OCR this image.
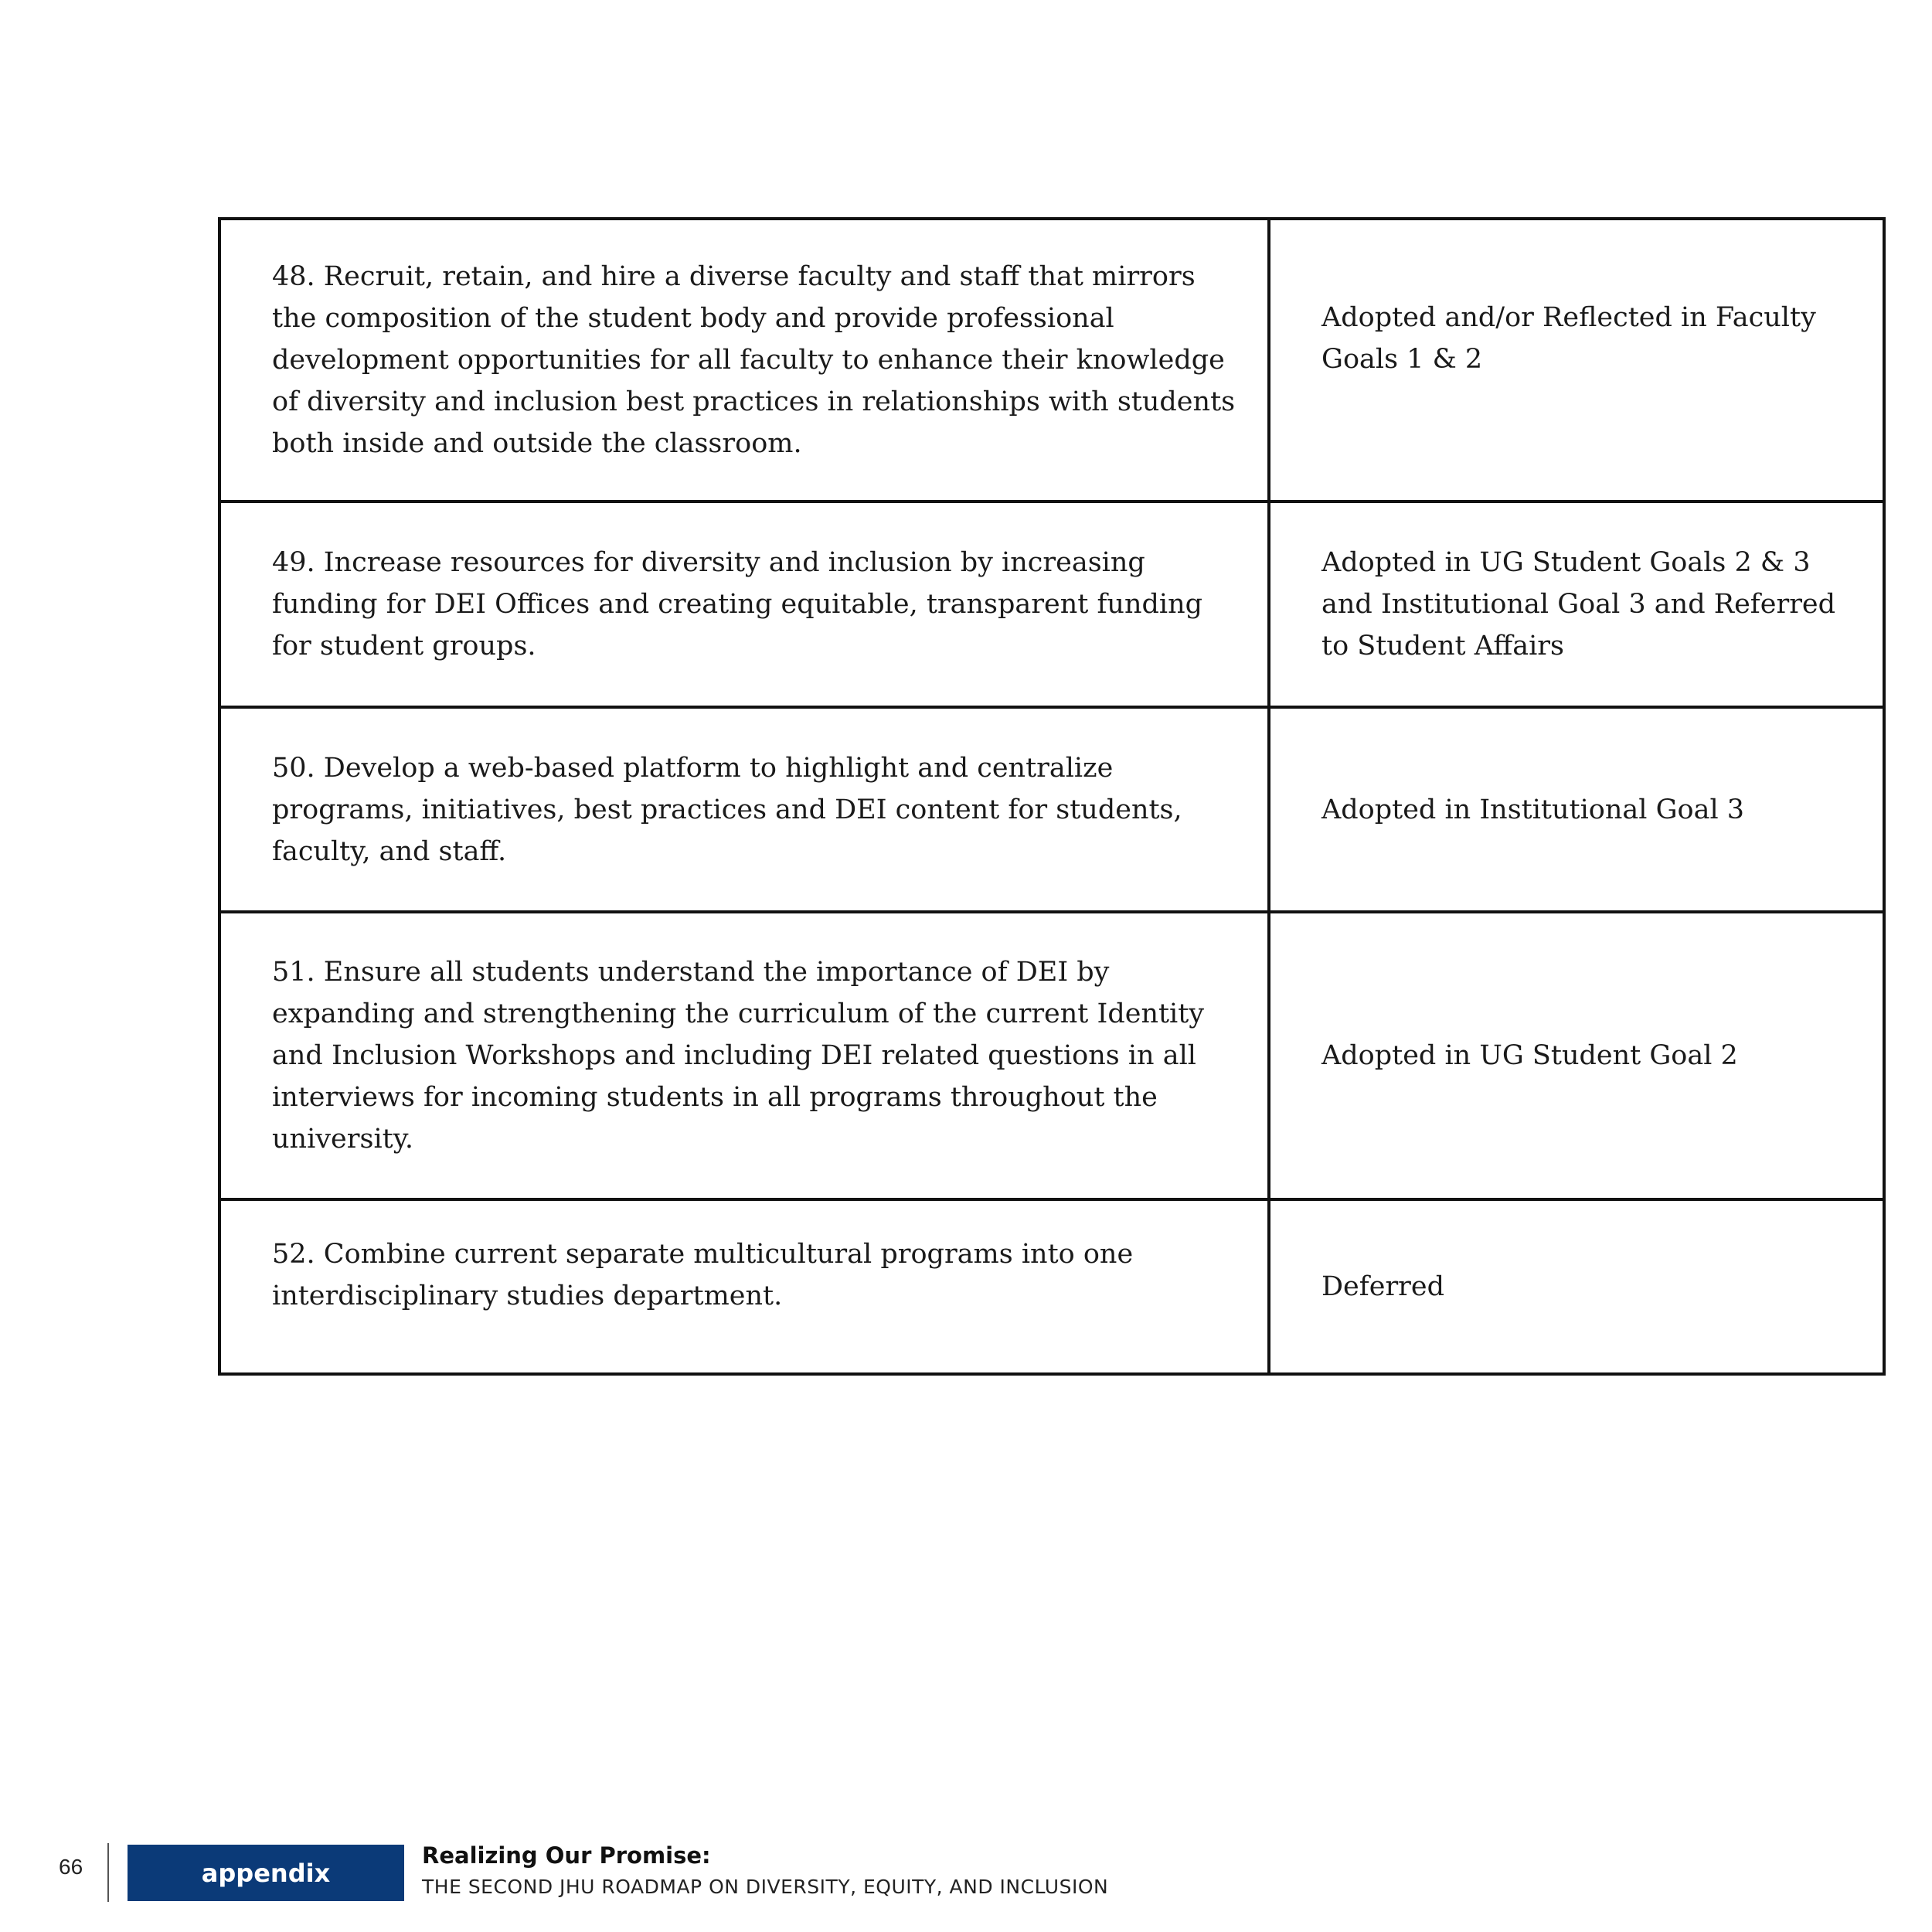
48. Recruit, retain, and hire a diverse faculty and staff that mirrors the composition of the student body and provide professional development opportunities for all faculty to enhance their knowledge of diversity and inclusion best practices in relationships with students both inside and outside the classroom.	Adopted and/or Reflected in Faculty Goals 1 & 2
49. Increase resources for diversity and inclusion by increasing funding for DEI Offices and creating equitable, transparent funding for student groups.	Adopted in UG Student Goals 2 & 3 and Institutional Goal 3 and Referred to Student Affairs
50. Develop a web-based platform to highlight and centralize programs, initiatives, best practices and DEI content for students, faculty, and staff.	Adopted in Institutional Goal 3
51. Ensure all students understand the importance of DEI by expanding and strengthening the curriculum of the current Identity and Inclusion Workshops and including DEI related questions in all interviews for incoming students in all programs throughout the university.	Adopted in UG Student Goal 2
52. Combine current separate multicultural programs into one interdisciplinary studies department.	Deferred
66	appendix
Realizing Our Promise:
THE SECOND JHU ROADMAP ON DIVERSITY, EQUITY, AND INCLUSION
